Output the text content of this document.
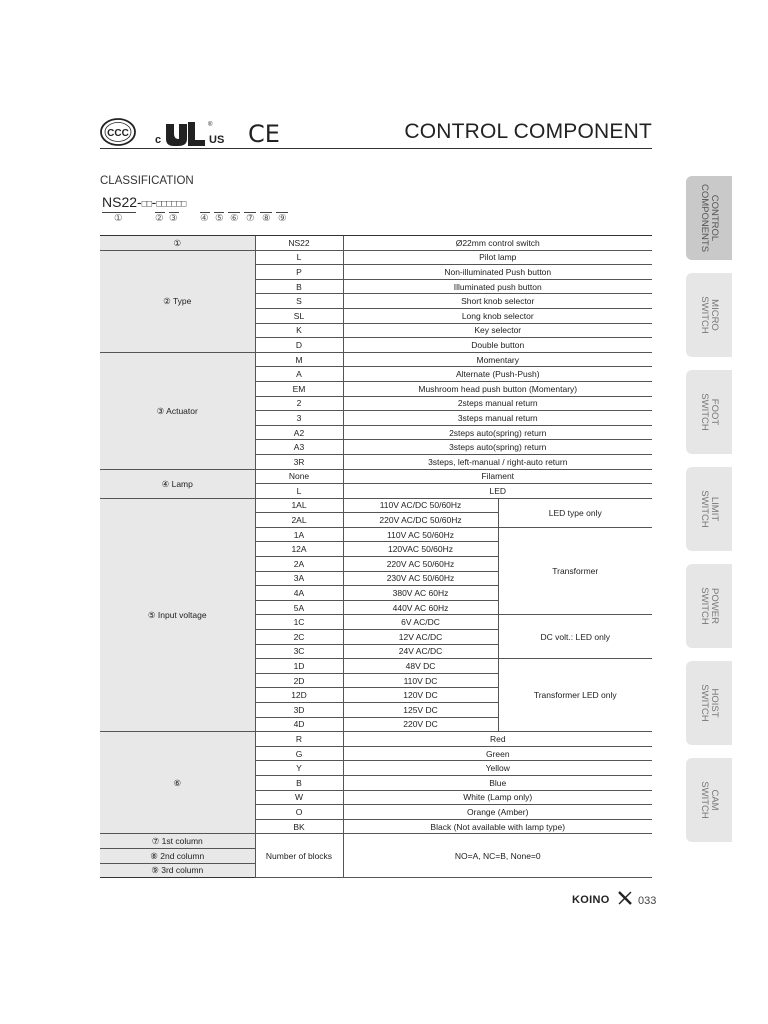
CCC
c
®
US CE	CONTROL COMPONENT
CLASSIFICATION
NS22-□□-□□□□□□
①	② ③ ④ ⑤ ⑥ ⑦ ⑧ ⑨
①	NS22	Ø22mm control switch	
② Type	L	Pilot lamp	
	P	Non-illuminated Push button	
	B	Illuminated push button	
	S	Short knob selector	
	SL	Long knob selector	
	K	Key selector	
	D	Double button	
③ Actuator	M	Momentary	
	A	Alternate (Push-Push)	
	EM	Mushroom head push button (Momentary)	
	2	2steps manual return	
	3	3steps manual return	
	A2	2steps auto(spring) return	
	A3	3steps auto(spring) return	
	3R	3steps, left-manual / right-auto return	
④ Lamp	None	Filament	
	L	LED	
⑤ Input voltage	1AL	110V AC/DC 50/60Hz	LED type only
	2AL	220V AC/DC 50/60Hz	
	1A	110V AC 50/60Hz	Transformer
	12A	120VAC 50/60Hz	
	2A	220V AC 50/60Hz	
	3A	230V AC 50/60Hz	
	4A	380V AC 60Hz	
	5A	440V AC 60Hz	
	1C	6V AC/DC	DC volt.: LED only
	2C	12V AC/DC	
	3C	24V AC/DC	
	1D	48V DC	Transformer LED only
	2D	110V DC	
	12D	120V DC	
	3D	125V DC	
	4D	220V DC	
⑥	R	Red	
	G	Green	
	Y	Yellow	
	B	Blue	
	W	White (Lamp only)	
	O	Orange (Amber)	
	BK	Black (Not available with lamp type)	
⑦ 1st column	Number of blocks	NO=A, NC=B, None=0	
⑧ 2nd column			
⑨ 3rd column			
CONTROL
COMPONENTS
MICRO
SWITCH
FOOT
SWITCH
LIMIT
SWITCH
POWER
SWITCH
HOIST
SWITCH
CAM
SWITCH
KOINO	033
